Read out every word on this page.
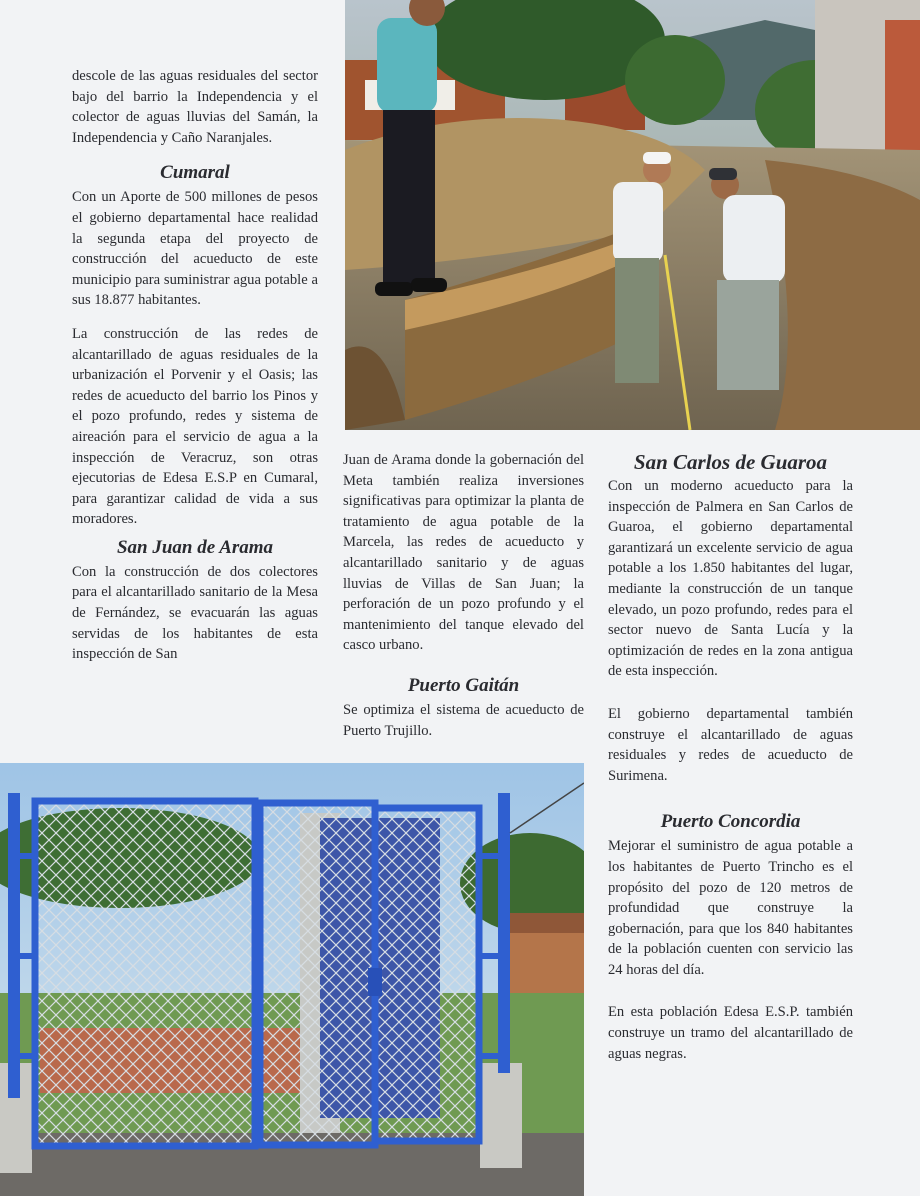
descole de las aguas residuales del sector bajo del barrio la Independencia y el colector de aguas lluvias del Samán, la Independencia y Caño Naranjales.

Cumaral

Con un Aporte de 500 millones de pesos el gobierno departamental hace realidad la segunda etapa del proyecto de construcción del acueducto de este municipio para suministrar agua potable a sus 18.877 habitantes.

La construcción de las redes de alcantarillado de aguas residuales de la urbanización el Porvenir y el Oasis; las redes de acueducto del barrio los Pinos y el pozo profundo, redes y sistema de aireación para el servicio de agua a la inspección de Veracruz, son otras ejecutorias de Edesa E.S.P en Cumaral, para garantizar calidad de vida a sus moradores.

San Juan de Arama

Con la construcción de dos colectores para el alcantarillado sanitario de la Mesa de Fernández, se evacuarán las aguas servidas de los habitantes de esta inspección de San

Juan de Arama donde la gobernación del Meta también realiza inversiones significativas para optimizar la planta de tratamiento de agua potable de la Marcela, las redes de acueducto y alcantarillado sanitario y de aguas lluvias de Villas de San Juan; la perforación de un pozo profundo y el mantenimiento del tanque elevado del casco urbano.

Puerto Gaitán

Se optimiza el sistema de acueducto de Puerto Trujillo.

San Carlos de Guaroa

Con un moderno acueducto para la inspección de Palmera en San Carlos de Guaroa, el gobierno departamental garantizará un excelente servicio de agua potable a los 1.850 habitantes del lugar, mediante la construcción de un tanque elevado, un pozo profundo, redes para el sector nuevo de Santa Lucía y la optimización de redes en la zona antigua de esta inspección.

El gobierno departamental también construye el alcantarillado de aguas residuales y redes de acueducto de Surimena.

Puerto Concordia

Mejorar el suministro de agua potable a los habitantes de Puerto Trincho es el propósito del pozo de 120 metros de profundidad que construye la gobernación, para que los 840 habitantes de la población cuenten con servicio las 24 horas del día.

En esta población Edesa E.S.P. también construye un tramo del alcantarillado de aguas negras.
